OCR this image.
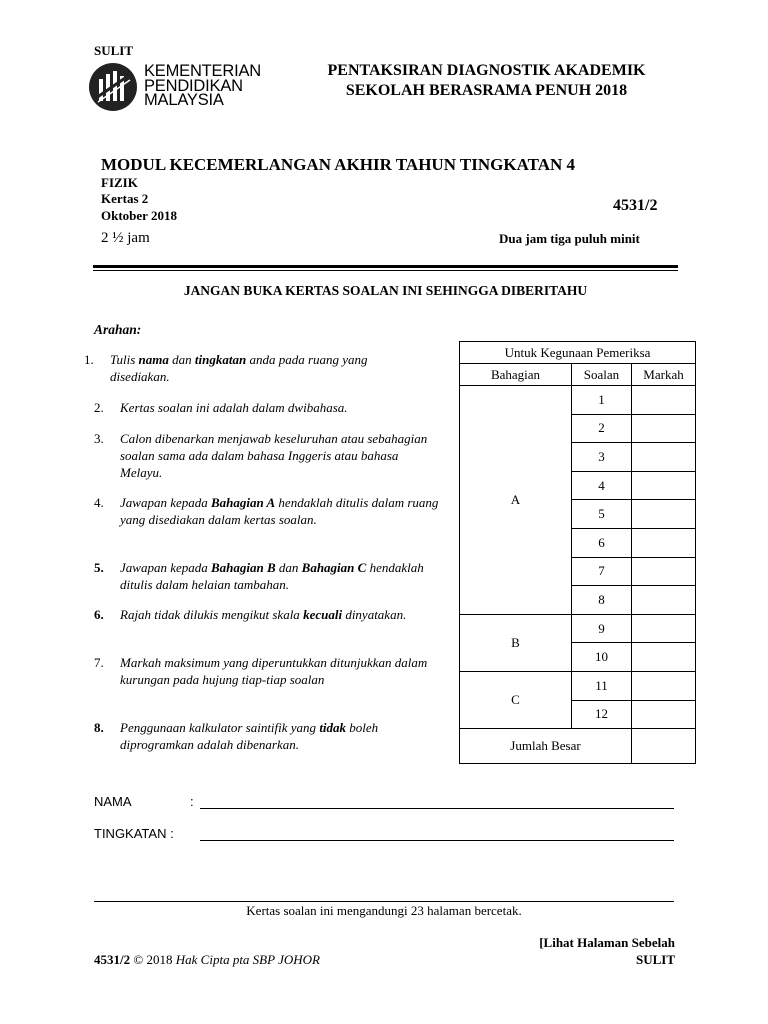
SULIT
KEMENTERIAN
PENDIDIKAN
MALAYSIA
PENTAKSIRAN DIAGNOSTIK AKADEMIK
SEKOLAH BERASRAMA PENUH 2018
MODUL KECEMERLANGAN AKHIR TAHUN TINGKATAN 4
FIZIK
Kertas 2
Oktober 2018
4531/2
2 ½ jam	Dua jam tiga puluh minit
JANGAN BUKA KERTAS SOALAN INI SEHINGGA DIBERITAHU
Arahan:
1. Tulis nama dan tingkatan anda pada ruang yang disediakan.
2. Kertas soalan ini adalah dalam dwibahasa.
3. Calon dibenarkan menjawab keseluruhan atau sebahagian soalan sama ada dalam bahasa Inggeris atau bahasa Melayu.
4. Jawapan kepada Bahagian A hendaklah ditulis dalam ruang yang disediakan dalam kertas soalan.
5. Jawapan kepada Bahagian B dan Bahagian C hendaklah ditulis dalam helaian tambahan.
6. Rajah tidak dilukis mengikut skala kecuali dinyatakan.
7. Markah maksimum yang diperuntukkan ditunjukkan dalam kurungan pada hujung tiap-tiap soalan
8. Penggunaan kalkulator saintifik yang tidak boleh diprogramkan adalah dibenarkan.
Untuk Kegunaan Pemeriksa		
Bahagian	Soalan	Markah
A	1	
	2	
	3	
	4	
	5	
	6	
	7	
	8	
B	9	
	10	
C	11	
	12	
Jumlah Besar		
NAMA	:
TINGKATAN :
Kertas soalan ini mengandungi 23 halaman bercetak.
[Lihat Halaman Sebelah
4531/2 © 2018 Hak Cipta pta SBP JOHOR	SULIT
